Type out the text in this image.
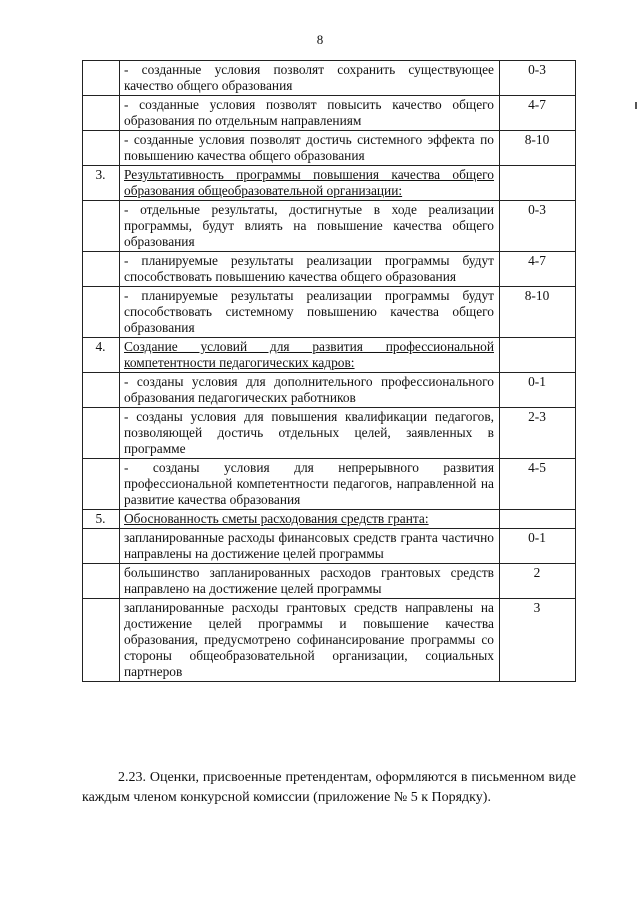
8
	- созданные условия позволят сохранить существующее качество общего образования	0-3
	- созданные условия позволят повысить качество общего образования по отдельным направлениям	4-7
	- созданные условия позволят достичь системного эффекта по повышению качества общего образования	8-10
3.	Результативность программы повышения качества общего образования общеобразовательной организации:	
	- отдельные результаты, достигнутые в ходе реализации программы, будут влиять на повышение качества общего образования	0-3
	- планируемые результаты реализации программы будут способствовать повышению качества общего образования	4-7
	- планируемые результаты реализации программы будут способствовать системному повышению качества общего образования	8-10
4.	Создание условий для развития профессиональной компетентности педагогических кадров:	
	- созданы условия для дополнительного профессионального образования педагогических работников	0-1
	- созданы условия для повышения квалификации педагогов, позволяющей достичь отдельных целей, заявленных в программе	2-3
	- созданы условия для непрерывного развития профессиональной компетентности педагогов, направленной на развитие качества образования	4-5
5.	Обоснованность сметы расходования средств гранта:	
	запланированные расходы финансовых средств гранта частично направлены на достижение целей программы	0-1
	большинство запланированных расходов грантовых средств направлено на достижение целей программы	2
	запланированные расходы грантовых средств направлены на достижение целей программы и повышение качества образования, предусмотрено софинансирование программы со стороны общеобразовательной организации, социальных партнеров	3
2.23. Оценки, присвоенные претендентам, оформляются в письменном виде каждым членом конкурсной комиссии (приложение № 5 к Порядку).
